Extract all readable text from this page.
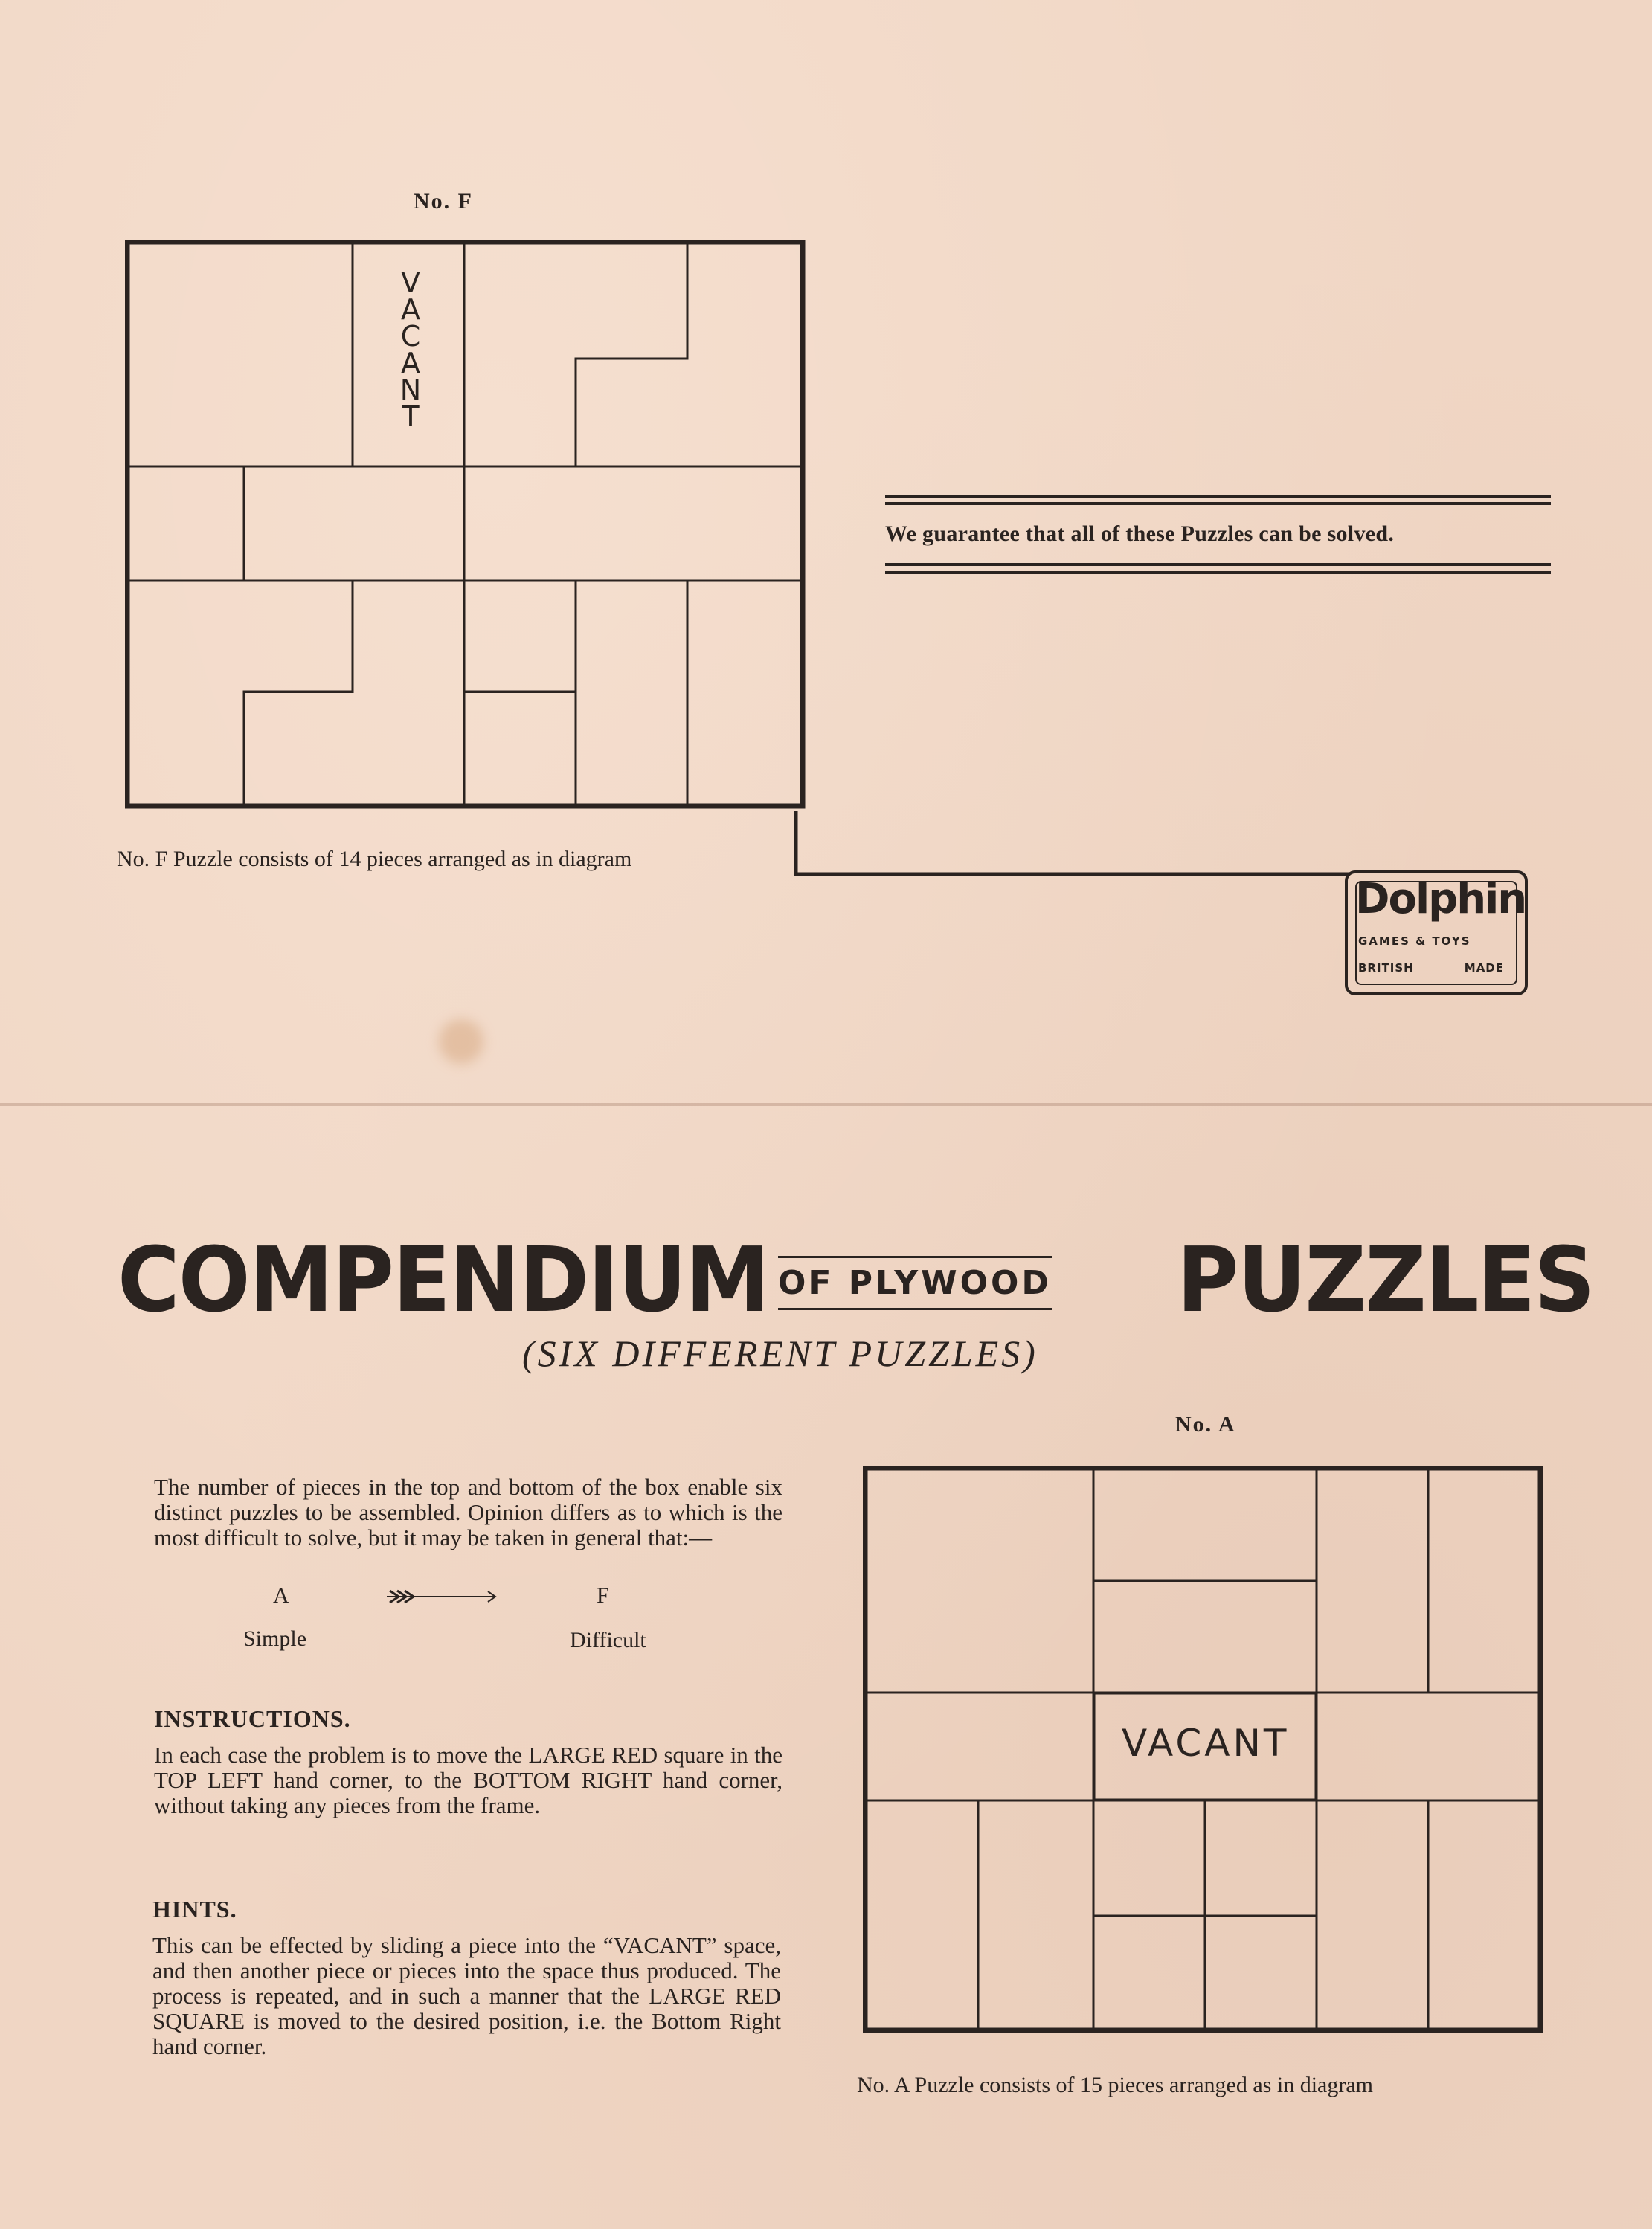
No. F
V
A
C
A
N
T
No. F Puzzle consists of 14 pieces arranged as in diagram

We guarantee that all of these Puzzles can be solved.

Dolphin
GAMES & TOYS
BRITISH	MADE
COMPENDIUM OF PLYWOOD PUZZLES
(SIX DIFFERENT PUZZLES)
The number of pieces in the top and bottom of the box enable six distinct puzzles to be assembled. Opinion differs as to which is the most difficult to solve, but it may be taken in general that:—
A	F
Simple	Difficult
INSTRUCTIONS.
In each case the problem is to move the LARGE RED square in the TOP LEFT hand corner, to the BOTTOM RIGHT hand corner, without taking any pieces from the frame.
HINTS.
This can be effected by sliding a piece into the “VACANT” space, and then another piece or pieces into the space thus produced. The process is repeated, and in such a manner that the LARGE RED SQUARE is moved to the desired position, i.e. the Bottom Right hand corner.
No. A
VACANT
No. A Puzzle consists of 15 pieces arranged as in diagram
